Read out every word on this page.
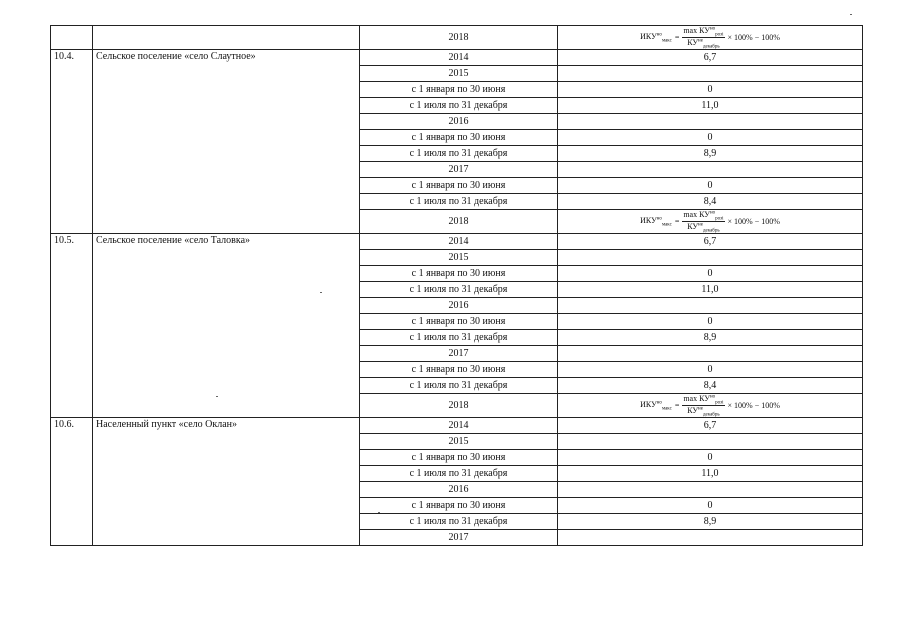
		2018	$ИКУ^{но}_{макс} = \frac{\max КУ^{но}_{розі}}{КУ^{не}_{декабрь}} \times 100\% - 100\%$

10.4.	Сельское поселение «село Слаутное»	2014	6,7
		2015	
		с 1 января по 30 июня	0
		с 1 июля по 31 декабря	11,0
		2016	
		с 1 января по 30 июня	0
		с 1 июля по 31 декабря	8,9
		2017	
		с 1 января по 30 июня	0
		с 1 июля по 31 декабря	8,4
		2018	$ИКУ^{но}_{макс} = \frac{\max КУ^{но}_{розі}}{КУ^{не}_{декабрь}} \times 100\% - 100\%$

10.5.	Сельское поселение «село Таловка»	2014	6,7
		2015	
		с 1 января по 30 июня	0
		с 1 июля по 31 декабря	11,0
		2016	
		с 1 января по 30 июня	0
		с 1 июля по 31 декабря	8,9
		2017	
		с 1 января по 30 июня	0
		с 1 июля по 31 декабря	8,4
		2018	$ИКУ^{но}_{макс} = \frac{\max КУ^{но}_{розі}}{КУ^{не}_{декабрь}} \times 100\% - 100\%$

10.6.	Населенный пункт «село Оклан»	2014	6,7
		2015	
		с 1 января по 30 июня	0
		с 1 июля по 31 декабря	11,0
		2016	
		с 1 января по 30 июня	0
		с 1 июля по 31 декабря	8,9
		2017	
